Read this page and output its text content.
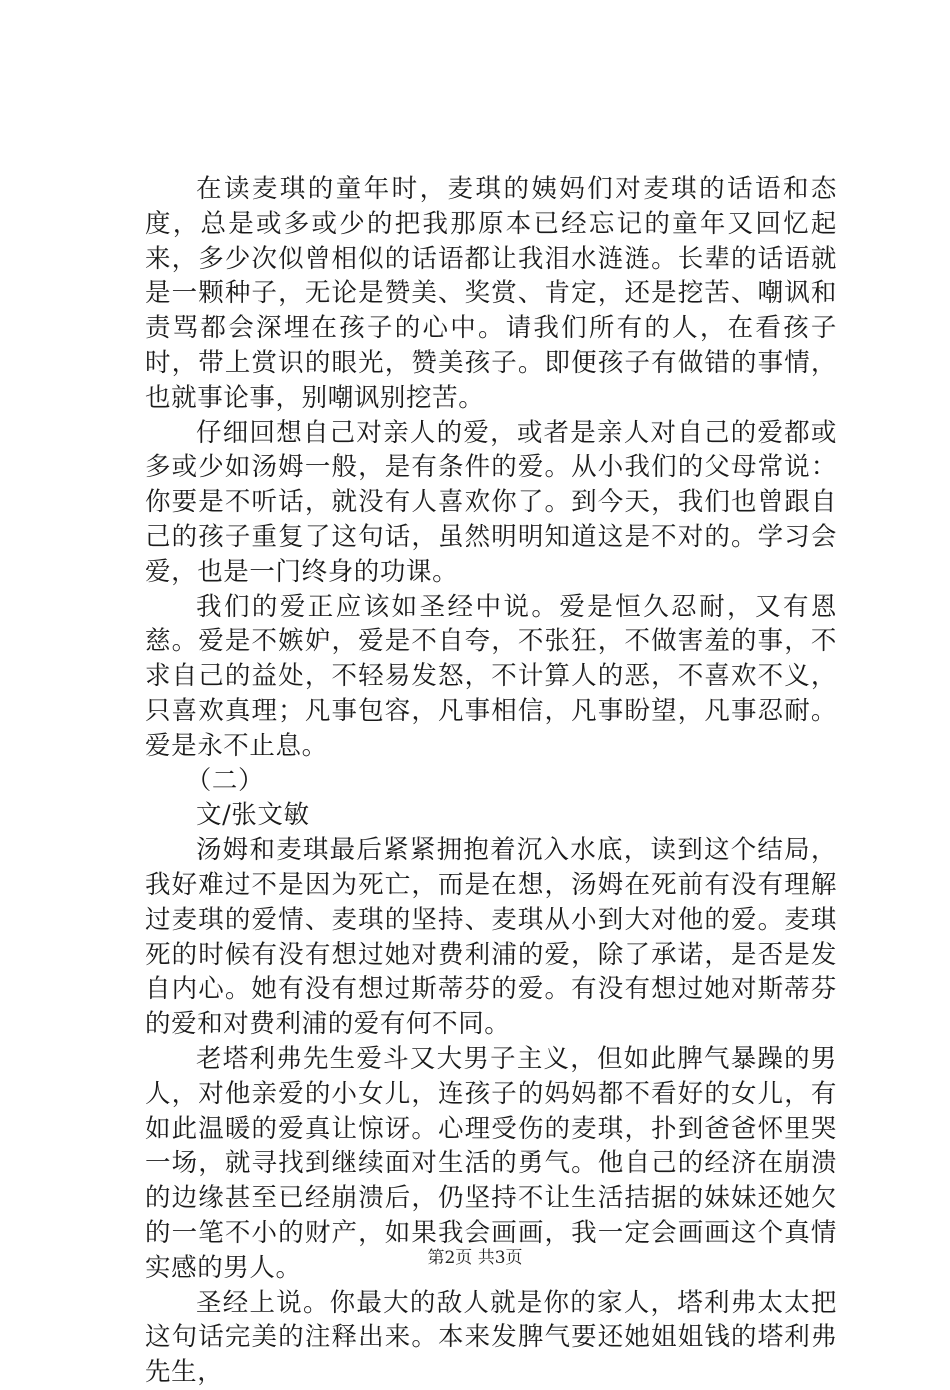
在读麦琪的童年时，麦琪的姨妈们对麦琪的话语和态度，总是或多或少的把我那原本已经忘记的童年又回忆起来，多少次似曾相似的话语都让我泪水涟涟。长辈的话语就是一颗种子，无论是赞美、奖赏、肯定，还是挖苦、嘲讽和责骂都会深埋在孩子的心中。请我们所有的人，在看孩子时，带上赏识的眼光，赞美孩子。即便孩子有做错的事情，也就事论事，别嘲讽别挖苦。

仔细回想自己对亲人的爱，或者是亲人对自己的爱都或多或少如汤姆一般，是有条件的爱。从小我们的父母常说：你要是不听话，就没有人喜欢你了。到今天，我们也曾跟自己的孩子重复了这句话，虽然明明知道这是不对的。学习会爱，也是一门终身的功课。

我们的爱正应该如圣经中说。爱是恒久忍耐，又有恩慈。爱是不嫉妒，爱是不自夸，不张狂，不做害羞的事，不求自己的益处，不轻易发怒，不计算人的恶，不喜欢不义，只喜欢真理；凡事包容，凡事相信，凡事盼望，凡事忍耐。爱是永不止息。

（二）

文/张文敏

汤姆和麦琪最后紧紧拥抱着沉入水底，读到这个结局，我好难过不是因为死亡，而是在想，汤姆在死前有没有理解过麦琪的爱情、麦琪的坚持、麦琪从小到大对他的爱。麦琪死的时候有没有想过她对费利浦的爱，除了承诺，是否是发自内心。她有没有想过斯蒂芬的爱。有没有想过她对斯蒂芬的爱和对费利浦的爱有何不同。

老塔利弗先生爱斗又大男子主义，但如此脾气暴躁的男人，对他亲爱的小女儿，连孩子的妈妈都不看好的女儿，有如此温暖的爱真让惊讶。心理受伤的麦琪，扑到爸爸怀里哭一场，就寻找到继续面对生活的勇气。他自己的经济在崩溃的边缘甚至已经崩溃后，仍坚持不让生活拮据的妹妹还她欠的一笔不小的财产，如果我会画画，我一定会画画这个真情实感的男人。

圣经上说。你最大的敌人就是你的家人，塔利弗太太把这句话完美的注释出来。本来发脾气要还她姐姐钱的塔利弗先生，

第2页 共3页
